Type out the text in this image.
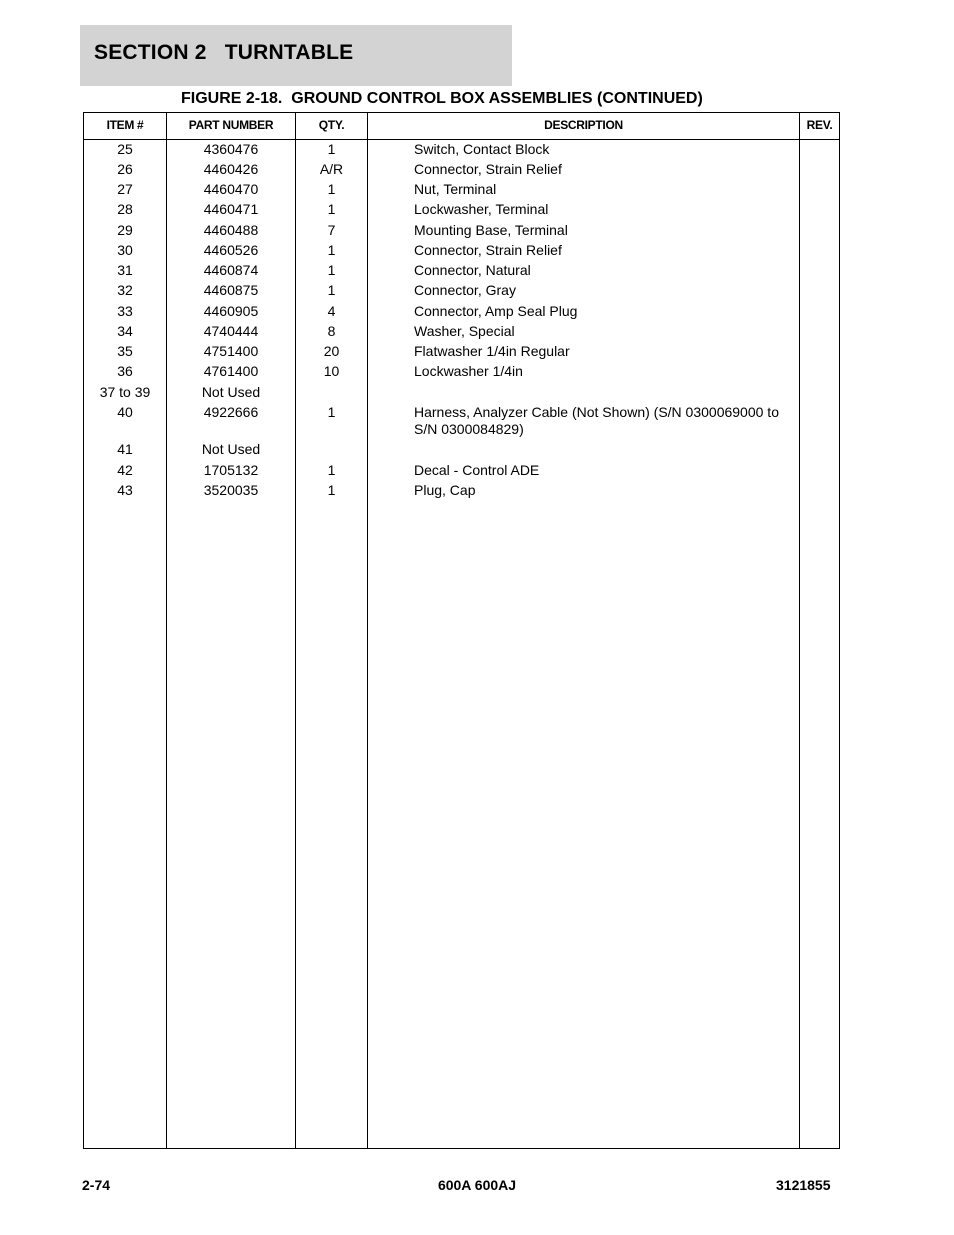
SECTION 2   TURNTABLE
FIGURE 2-18.  GROUND CONTROL BOX ASSEMBLIES (CONTINUED)
ITEM #	PART NUMBER	QTY.	DESCRIPTION	REV.
25	4360476	1	Switch, Contact Block
26	4460426	A/R	Connector, Strain Relief
27	4460470	1	Nut, Terminal
28	4460471	1	Lockwasher, Terminal
29	4460488	7	Mounting Base, Terminal
30	4460526	1	Connector, Strain Relief
31	4460874	1	Connector, Natural
32	4460875	1	Connector, Gray
33	4460905	4	Connector, Amp Seal Plug
34	4740444	8	Washer, Special
35	4751400	20	Flatwasher 1/4in Regular
36	4761400	10	Lockwasher 1/4in
37 to 39	Not Used
40	4922666	1	Harness, Analyzer Cable (Not Shown) (S/N 0300069000 to S/N 0300084829)
41	Not Used
42	1705132	1	Decal - Control ADE
43	3520035	1	Plug, Cap
2-74	600A 600AJ	3121855
